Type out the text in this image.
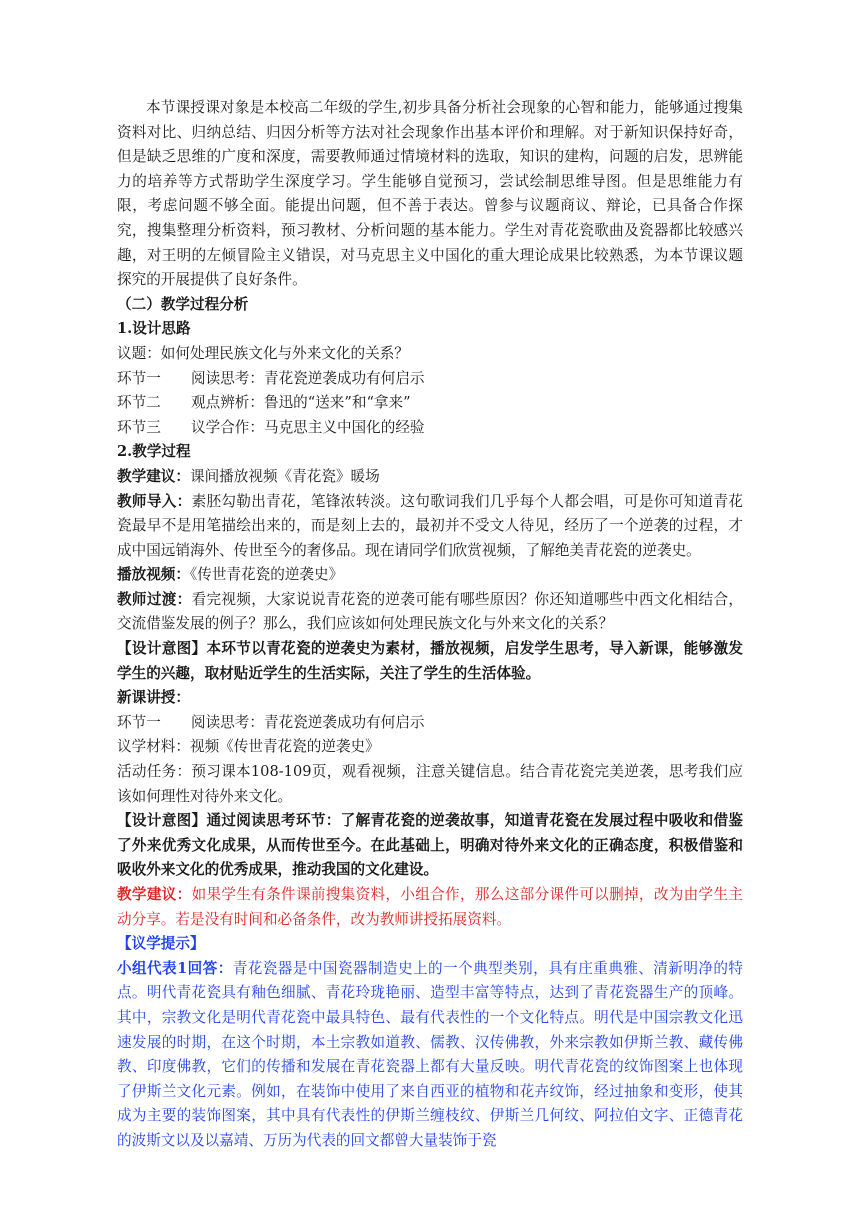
本节课授课对象是本校高二年级的学生,初步具备分析社会现象的心智和能力，能够通过搜集资料对比、归纳总结、归因分析等方法对社会现象作出基本评价和理解。对于新知识保持好奇，但是缺乏思维的广度和深度，需要教师通过情境材料的选取，知识的建构，问题的启发，思辨能力的培养等方式帮助学生深度学习。学生能够自觉预习，尝试绘制思维导图。但是思维能力有限，考虑问题不够全面。能提出问题，但不善于表达。曾参与议题商议、辩论，已具备合作探究，搜集整理分析资料，预习教材、分析问题的基本能力。学生对青花瓷歌曲及瓷器都比较感兴趣，对王明的左倾冒险主义错误，对马克思主义中国化的重大理论成果比较熟悉，为本节课议题探究的开展提供了良好条件。

（二）教学过程分析

1.设计思路

议题：如何处理民族文化与外来文化的关系？

环节一	阅读思考：青花瓷逆袭成功有何启示
环节二	观点辨析：鲁迅的“送来”和“拿来”
环节三	议学合作：马克思主义中国化的经验

2.教学过程

教学建议：课间播放视频《青花瓷》暖场

教师导入：素胚勾勒出青花，笔锋浓转淡。这句歌词我们几乎每个人都会唱，可是你可知道青花瓷最早不是用笔描绘出来的，而是刻上去的，最初并不受文人待见，经历了一个逆袭的过程，才成中国远销海外、传世至今的奢侈品。现在请同学们欣赏视频，了解绝美青花瓷的逆袭史。

播放视频：《传世青花瓷的逆袭史》

教师过渡：看完视频，大家说说青花瓷的逆袭可能有哪些原因？你还知道哪些中西文化相结合，交流借鉴发展的例子？那么，我们应该如何处理民族文化与外来文化的关系？

【设计意图】本环节以青花瓷的逆袭史为素材，播放视频，启发学生思考，导入新课，能够激发学生的兴趣，取材贴近学生的生活实际，关注了学生的生活体验。

新课讲授：

环节一	阅读思考：青花瓷逆袭成功有何启示

议学材料：视频《传世青花瓷的逆袭史》

活动任务：预习课本108-109页，观看视频，注意关键信息。结合青花瓷完美逆袭，思考我们应该如何理性对待外来文化。

【设计意图】通过阅读思考环节：了解青花瓷的逆袭故事，知道青花瓷在发展过程中吸收和借鉴了外来优秀文化成果，从而传世至今。在此基础上，明确对待外来文化的正确态度，积极借鉴和吸收外来文化的优秀成果，推动我国的文化建设。

教学建议：如果学生有条件课前搜集资料，小组合作，那么这部分课件可以删掉，改为由学生主动分享。若是没有时间和必备条件，改为教师讲授拓展资料。

【议学提示】

小组代表1回答：青花瓷器是中国瓷器制造史上的一个典型类别，具有庄重典雅、清新明净的特点。明代青花瓷具有釉色细腻、青花玲珑艳丽、造型丰富等特点，达到了青花瓷器生产的顶峰。其中，宗教文化是明代青花瓷中最具特色、最有代表性的一个文化特点。明代是中国宗教文化迅速发展的时期，在这个时期，本土宗教如道教、儒教、汉传佛教，外来宗教如伊斯兰教、藏传佛教、印度佛教，它们的传播和发展在青花瓷器上都有大量反映。明代青花瓷的纹饰图案上也体现了伊斯兰文化元素。例如，在装饰中使用了来自西亚的植物和花卉纹饰，经过抽象和变形，使其成为主要的装饰图案，其中具有代表性的伊斯兰缠枝纹、伊斯兰几何纹、阿拉伯文字、正德青花的波斯文以及以嘉靖、万历为代表的回文都曾大量装饰于瓷
